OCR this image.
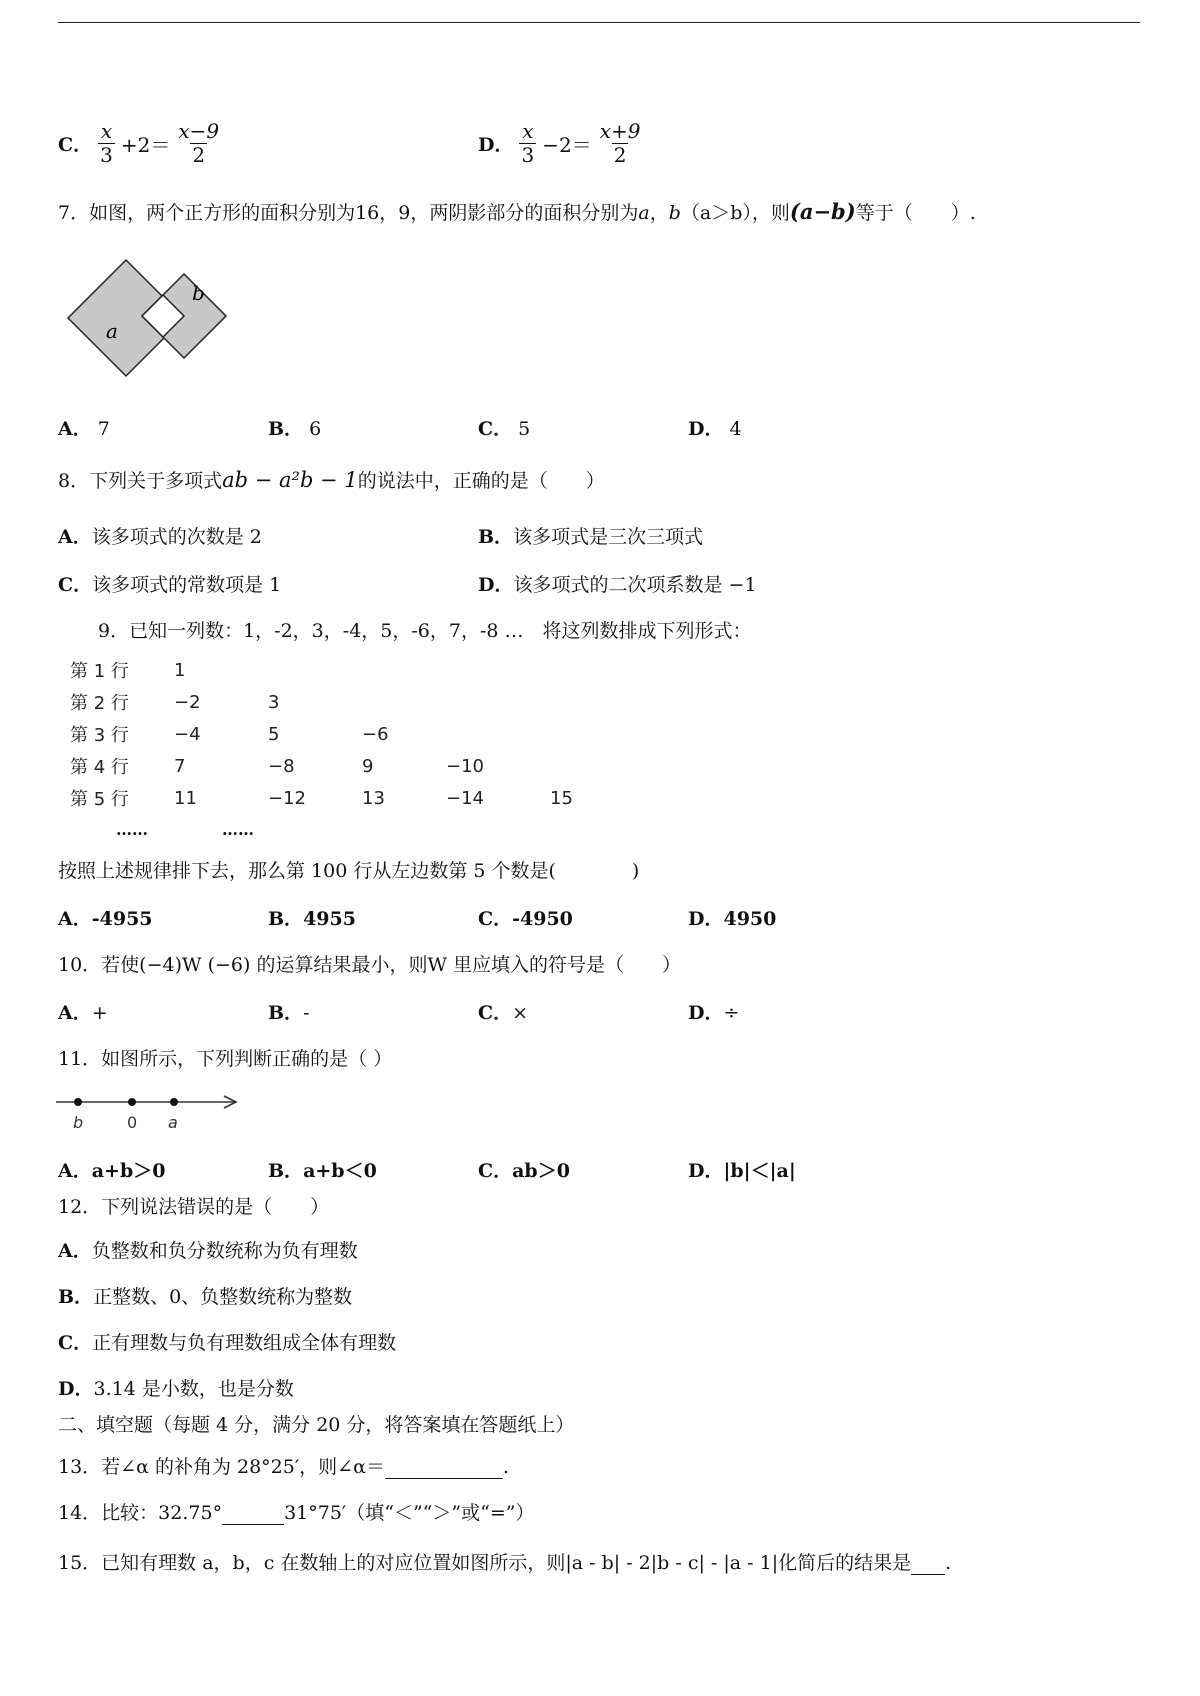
C． $\frac{x}{3} +2= \frac{x-9}{2}$	D． $\frac{x}{3} -2= \frac{x+9}{2}$
7．如图，两个正方形的面积分别为16，9，两阴影部分的面积分别为a，b（a＞b），则(a−b)等于（　　）.
a
b
A． 7	B． 6	C． 5	D． 4
8．下列关于多项式ab − a²b − 1的说法中，正确的是（　　）
A．该多项式的次数是 2	B．该多项式是三次三项式
C．该多项式的常数项是 1	D．该多项式的二次项系数是 −1
9．已知一列数：1，-2，3，-4，5，-6，7，-8 …　将这列数排成下列形式：
第 1 行	1				
第 2 行	−2	3			
第 3 行	−4	5	−6		
第 4 行	7	−8	9	−10	
第 5 行	11	−12	13	−14	15
……	……
按照上述规律排下去，那么第 100 行从左边数第 5 个数是(　　　　)
A．-4955	B．4955	C．-4950	D．4950
10．若使(−4)W (−6) 的运算结果最小，则W 里应填入的符号是（　　）
A．+	B．-	C．×	D．÷
11．如图所示，下列判断正确的是（ ）
b	0 a
A．a+b＞0	B．a+b＜0	C．ab＞0	D．|b|＜|a|
12．下列说法错误的是（　　）
A．负整数和负分数统称为负有理数
B．正整数、0、负整数统称为整数
C．正有理数与负有理数组成全体有理数
D．3.14 是小数，也是分数
二、填空题（每题 4 分，满分 20 分，将答案填在答题纸上）
13．若∠α 的补角为 28°25′，则∠α＝	.
14．比较：32.75°	31°75′（填“＜”“＞”或“=”）
15．已知有理数 a，b，c 在数轴上的对应位置如图所示，则|a - b| - 2|b - c| - |a - 1|化简后的结果是 .
